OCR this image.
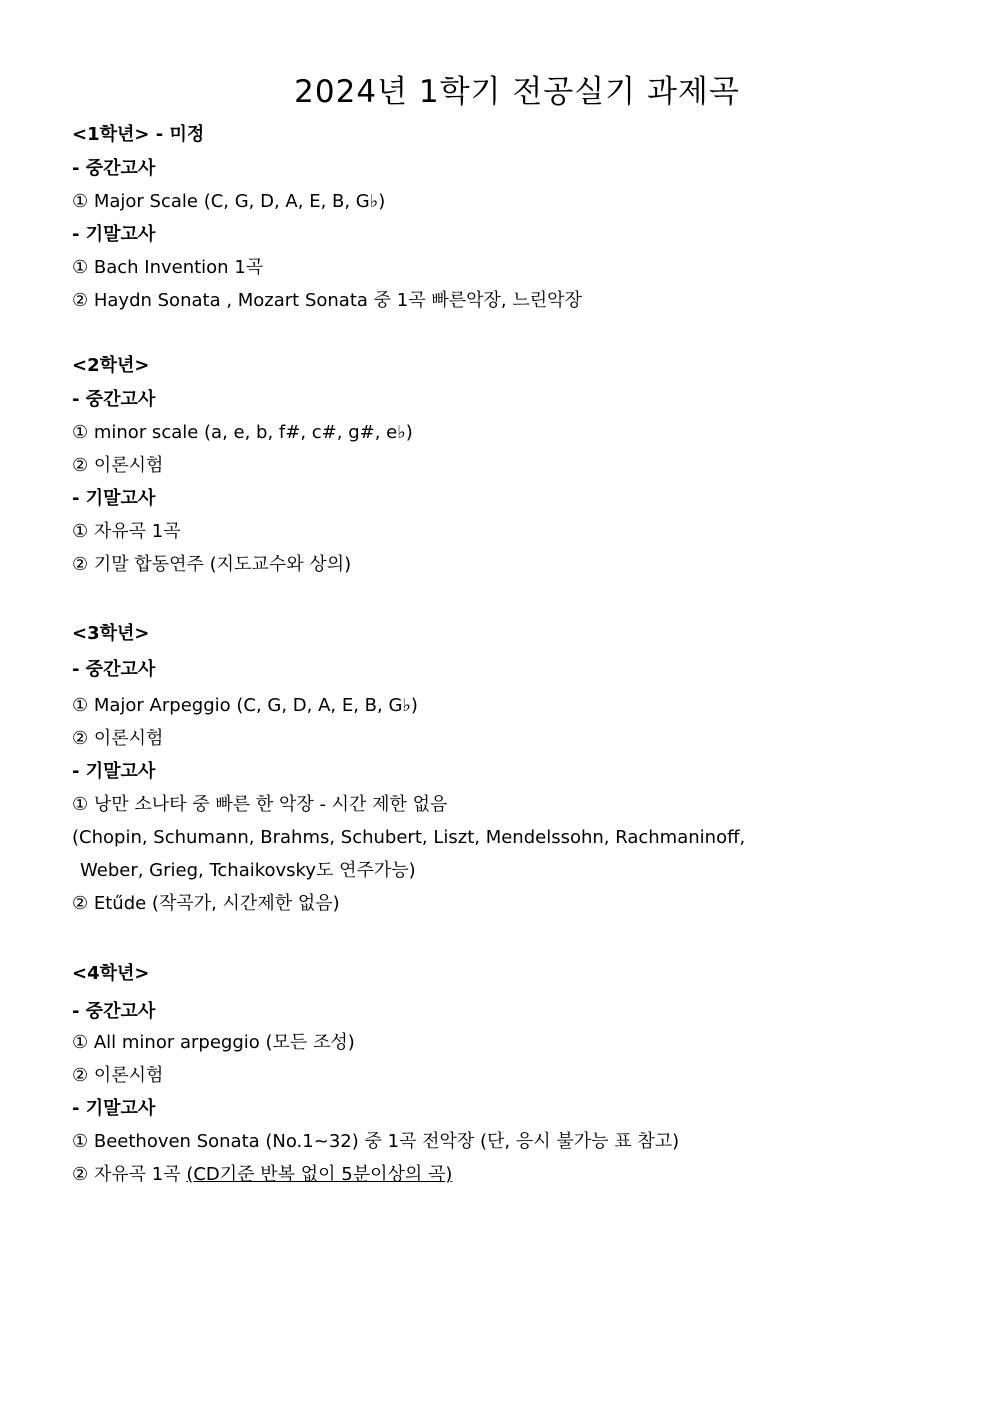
2024년 1학기 전공실기 과제곡
<1학년> - 미정
- 중간고사
① Major Scale (C, G, D, A, E, B, G♭)
- 기말고사
① Bach Invention 1곡
② Haydn Sonata , Mozart Sonata 중 1곡 빠른악장, 느린악장
<2학년>
- 중간고사
① minor scale (a, e, b, f#, c#, g#, e♭)
② 이론시험
- 기말고사
① 자유곡 1곡
② 기말 합동연주 (지도교수와 상의)
<3학년>
- 중간고사
① Major Arpeggio (C, G, D, A, E, B, G♭)
② 이론시험
- 기말고사
① 낭만 소나타 중 빠른 한 악장 - 시간 제한 없음
(Chopin, Schumann, Brahms, Schubert, Liszt, Mendelssohn, Rachmaninoff,
Weber, Grieg, Tchaikovsky도 연주가능)
② Etűde (작곡가, 시간제한 없음)
<4학년>
- 중간고사
① All minor arpeggio (모든 조성)
② 이론시험
- 기말고사
① Beethoven Sonata (No.1~32) 중 1곡 전악장 (단, 응시 불가능 표 참고)
② 자유곡 1곡 (CD기준 반복 없이 5분이상의 곡)
